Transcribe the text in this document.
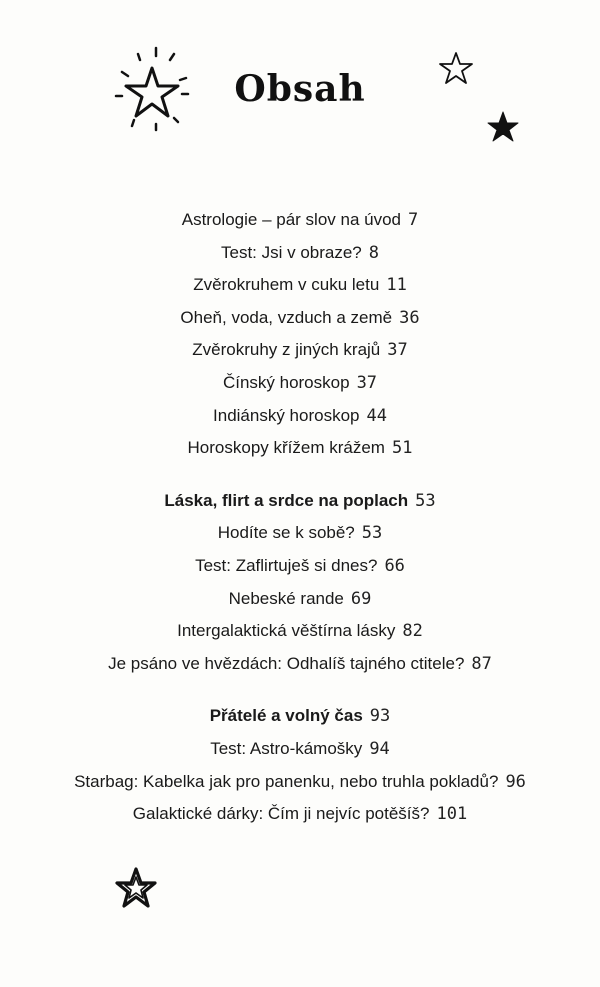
Obsah
Astrologie – pár slov na úvod 7
Test: Jsi v obraze? 8
Zvěrokruhem v cuku letu 11
Oheň, voda, vzduch a země 36
Zvěrokruhy z jiných krajů 37
Čínský horoskop 37
Indiánský horoskop 44
Horoskopy křížem krážem 51
Láska, flirt a srdce na poplach 53
Hodíte se k sobě? 53
Test: Zaflirtuješ si dnes? 66
Nebeské rande 69
Intergalaktická věštírna lásky 82
Je psáno ve hvězdách: Odhalíš tajného ctitele? 87
Přátelé a volný čas 93
Test: Astro-kámošky 94
Starbag: Kabelka jak pro panenku, nebo truhla pokladů? 96
Galaktické dárky: Čím ji nejvíc potěšíš? 101
